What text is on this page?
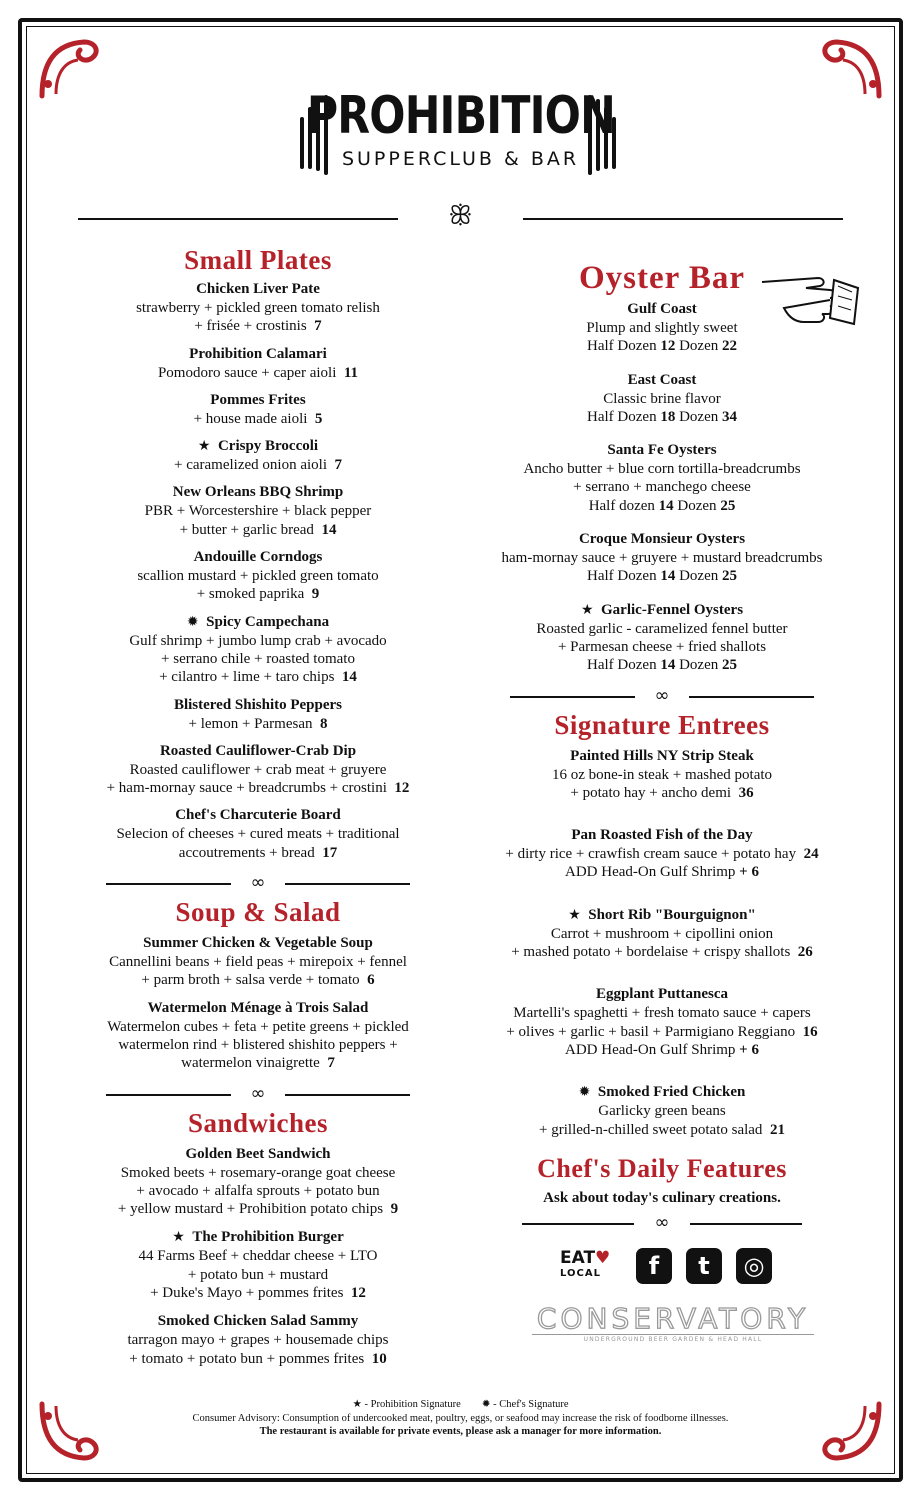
PROHIBITION
SUPPERCLUB & BAR
ꕥ
Small Plates
Chicken Liver Pate
strawberry + pickled green tomato relish
+ frisée + crostinis 7
Prohibition Calamari
Pomodoro sauce + caper aioli 11
Pommes Frites
+ house made aioli 5
★ Crispy Broccoli
+ caramelized onion aioli 7
New Orleans BBQ Shrimp
PBR + Worcestershire + black pepper
+ butter + garlic bread 14
Andouille Corndogs
scallion mustard + pickled green tomato
+ smoked paprika 9
✹ Spicy Campechana
Gulf shrimp + jumbo lump crab + avocado
+ serrano chile + roasted tomato
+ cilantro + lime + taro chips 14
Blistered Shishito Peppers
+ lemon + Parmesan 8
Roasted Cauliflower-Crab Dip
Roasted cauliflower + crab meat + gruyere
+ ham-mornay sauce + breadcrumbs + crostini 12
Chef's Charcuterie Board
Selecion of cheeses + cured meats + traditional
accoutrements + bread 17
∞
Soup & Salad
Summer Chicken & Vegetable Soup
Cannellini beans + field peas + mirepoix + fennel
+ parm broth + salsa verde + tomato 6
Watermelon Ménage à Trois Salad
Watermelon cubes + feta + petite greens + pickled
watermelon rind + blistered shishito peppers +
watermelon vinaigrette 7
∞
Sandwiches
Golden Beet Sandwich
Smoked beets + rosemary-orange goat cheese
+ avocado + alfalfa sprouts + potato bun
+ yellow mustard + Prohibition potato chips 9
★ The Prohibition Burger
44 Farms Beef + cheddar cheese + LTO
+ potato bun + mustard
+ Duke's Mayo + pommes frites 12
Smoked Chicken Salad Sammy
tarragon mayo + grapes + housemade chips
+ tomato + potato bun + pommes frites 10
Oyster Bar
Gulf Coast
Plump and slightly sweet
Half Dozen 12 Dozen 22
East Coast
Classic brine flavor
Half Dozen 18 Dozen 34
Santa Fe Oysters
Ancho butter + blue corn tortilla-breadcrumbs
+ serrano + manchego cheese
Half dozen 14 Dozen 25
Croque Monsieur Oysters
ham-mornay sauce + gruyere + mustard breadcrumbs
Half Dozen 14 Dozen 25
★ Garlic-Fennel Oysters
Roasted garlic - caramelized fennel butter
+ Parmesan cheese + fried shallots
Half Dozen 14 Dozen 25
∞
Signature Entrees
Painted Hills NY Strip Steak
16 oz bone-in steak + mashed potato
+ potato hay + ancho demi 36
Pan Roasted Fish of the Day
+ dirty rice + crawfish cream sauce + potato hay 24
ADD Head-On Gulf Shrimp + 6
★ Short Rib "Bourguignon"
Carrot + mushroom + cipollini onion
+ mashed potato + bordelaise + crispy shallots 26
Eggplant Puttanesca
Martelli's spaghetti + fresh tomato sauce + capers
+ olives + garlic + basil + Parmigiano Reggiano 16
ADD Head-On Gulf Shrimp + 6
✹ Smoked Fried Chicken
Garlicky green beans
+ grilled-n-chilled sweet potato salad 21
Chef's Daily Features
Ask about today's culinary creations.
∞
EAT♥
LOCAL	f	t	◎
CONSERVATORY
UNDERGROUND BEER GARDEN & HEAD HALL
★ - Prohibition Signature ✹ - Chef's Signature
Consumer Advisory: Consumption of undercooked meat, poultry, eggs, or seafood may increase the risk of foodborne illnesses.
The restaurant is available for private events, please ask a manager for more information.
